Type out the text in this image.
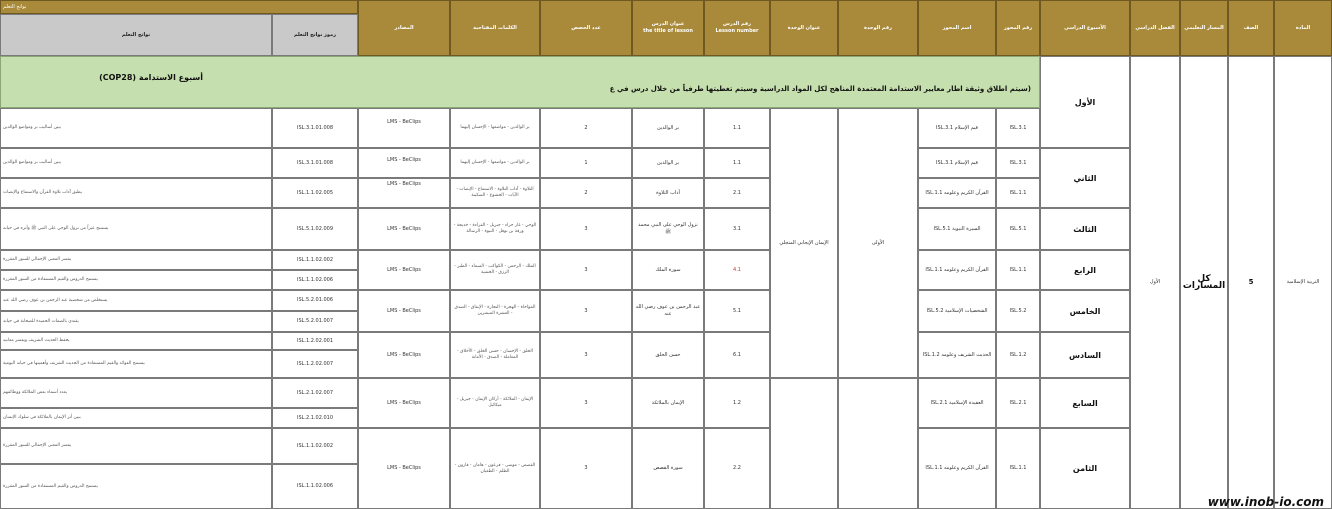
المادة
الصف
المسار التعليمي
الفصل الدراسي
الأسبوع الدراسي
رقم المحور
اسم المحور
رقم الوحدة
عنوان الوحدة
رقم الدرس
Lesson number
عنوان الدرس
the title of lesson
عدد الحصص
الكلمات المفتاحية
المصادر
نواتج التعلم
رموز نواتج التعلم
نواتج التعلم
أسبوع الاستدامة (COP28)
(سيتم اطلاق وثيقة اطار معايير الاستدامة المعتمدة المناهج لكل المواد الدراسية وسيتم تغطيتها طرفياً من خلال درس في ع
التربية الإسلامية
5
كل المسارات
الأول
الأولى
الإيمان الإيجابي المتجلي
الأول
الثاني
الثالث
الرابع
الخامس
السادس
السابع
الثامن
ISL.3.1
قيم الإسلام ISL.3.1
1.1
بر الوالدين
2
بر الوالدين - مواضعها - الإحسان إليهما
LMS - BeClips
ISL.3.1.01.008
يبين أساليب بر ومواضع الوالدين
ISL.3.1
قيم الإسلام ISL.3.1
1.1
بر الوالدين
1
بر الوالدين - مواضعها - الإحسان إليهما
LMS - BeClips
ISL.3.1.01.008
يبين أساليب بر ومواضع الوالدين
ISL.1.1
القرآن الكريم وعلومه ISL.1.1
2.1
آداب التلاوة
2
التلاوة - آداب التلاوة - الاستماع - الإنصات - الآيات - الخشوع - السكينة
LMS - BeClips
ISL.1.1.02.005
يطبق آداب تلاوة القرآن والاستماع والإنصات
ISL.5.1
السيرة النبوية ISL.5.1
3.1
نزول الوحي على النبي محمد ﷺ
3
الوحي - غار حراء - جبريل - القراءة - خديجة - ورقة بن نوفل - النبوة - الرسالة
LMS - BeClips
ISL.5.1.02.009
يستنتج عبراً من نزول الوحي على النبي ﷺ وأثره في حياته
ISL.1.1
القرآن الكريم وعلومه ISL.1.1
4.1
سورة الملك
3
الملك - الرحمن - الكواكب - السماء - الطير - الرزق - الخشية
LMS - BeClips
ISL.1.1.02.002
يفسر المعنى الإجمالي للسور المقررة
ISL.1.1.02.006
يستنتج الدروس والقيم المستفادة من السور المقررة
ISL.5.2
الشخصيات الإسلامية ISL.5.2
5.1
عبد الرحمن بن عوف رضي الله عنه
3
المؤاخاة - الهجرة - التجارة - الإنفاق - الصدق - العشرة المبشرين
LMS - BeClips
ISL.5.2.01.006
يستخلص من شخصية عبد الرحمن بن عوف رضي الله عنه
ISL.5.2.01.007
يقتدي بالصفات الحميدة للصحابة في حياته
ISL.1.2
الحديث الشريف وعلومه ISL.1.2
6.1
حسن الخلق
3
الخلق - الإحسان - حسن الخلق - الأخلاق - المعاملة - الصدق - الأمانة
LMS - BeClips
ISL.1.2.02.001
يحفظ الحديث الشريف ويفسر معانيه
ISL.1.2.02.007
يستنتج الفوائد والقيم المستفادة من الحديث الشريف وأهميتها في حياته اليومية
ISL.2.1
العقيدة الإسلامية ISL.2.1
1.2
الإيمان بالملائكة
3
الإيمان - الملائكة - أركان الإيمان - جبريل - ميكائيل
LMS - BeClips
ISL.2.1.02.007
يعدد أسماء بعض الملائكة ووظائفهم
ISL.2.1.02.010
يبين أثر الإيمان بالملائكة في سلوك الإنسان
ISL.1.1
القرآن الكريم وعلومه ISL.1.1
2.2
سورة القصص
3
القصص - موسى - فرعون - هامان - قارون - الظلم - الطغيان
LMS - BeClips
ISL.1.1.02.002
يفسر المعنى الإجمالي للسور المقررة
ISL.1.1.02.006
يستنتج الدروس والقيم المستفادة من السور المقررة
www.inob-io.com
